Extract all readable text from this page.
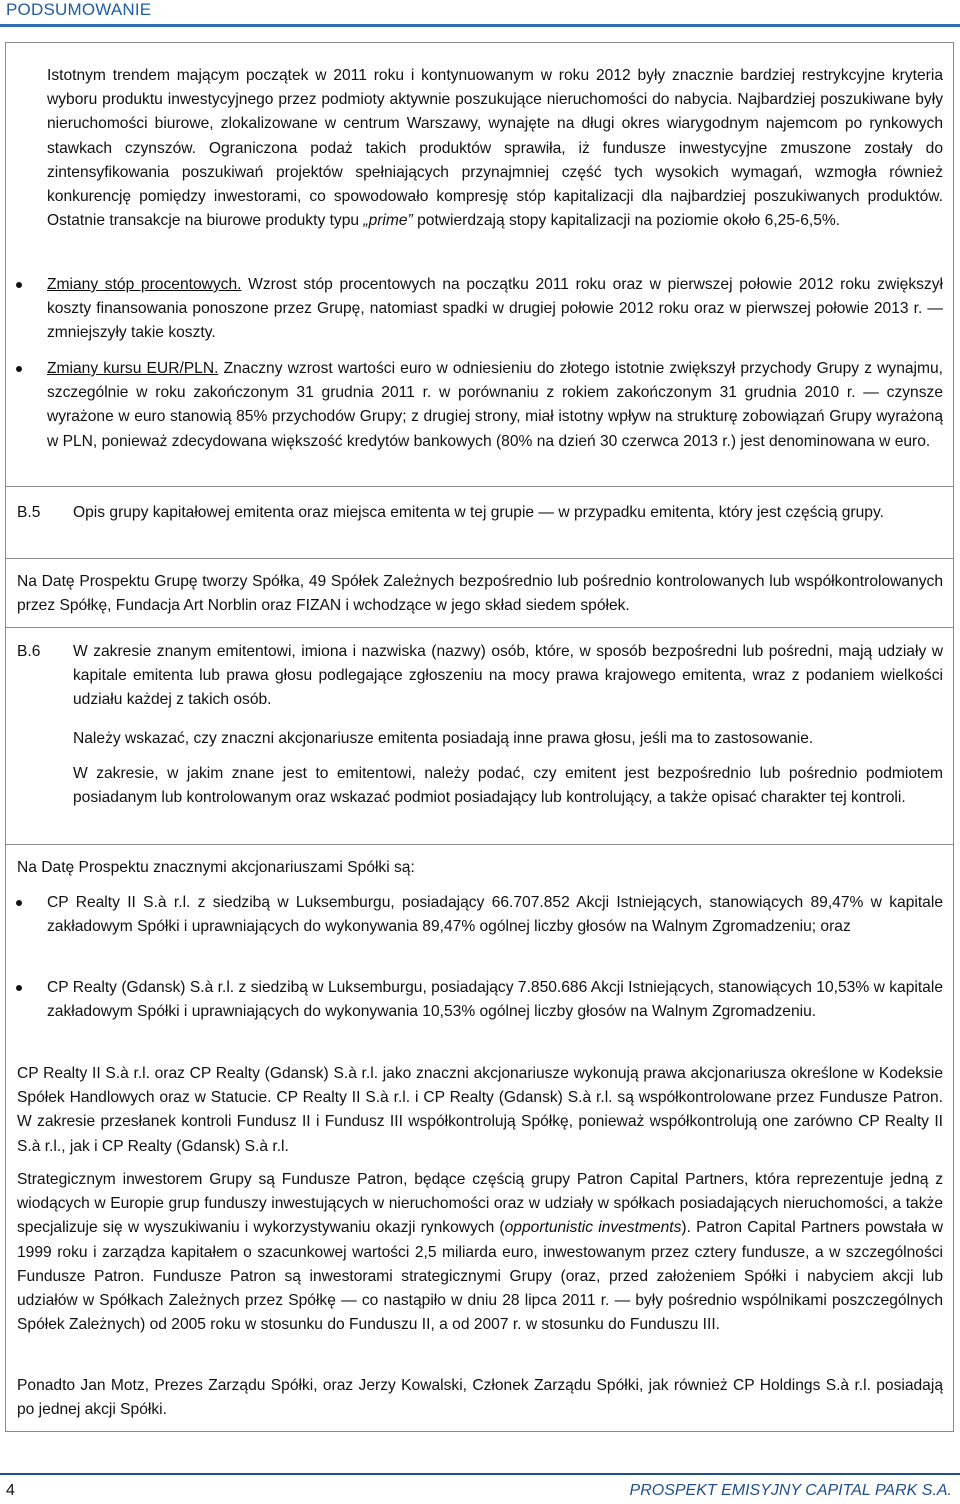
PODSUMOWANIE

Istotnym trendem mającym początek w 2011 roku i kontynuowanym w roku 2012 były znacznie bardziej restrykcyjne kryteria wyboru produktu inwestycyjnego przez podmioty aktywnie poszukujące nieruchomości do nabycia. Najbardziej poszukiwane były nieruchomości biurowe, zlokalizowane w centrum Warszawy, wynajęte na długi okres wiarygodnym najemcom po rynkowych stawkach czynszów. Ograniczona podaż takich produktów sprawiła, iż fundusze inwestycyjne zmuszone zostały do zintensyfikowania poszukiwań projektów spełniających przynajmniej część tych wysokich wymagań, wzmogła również konkurencję pomiędzy inwestorami, co spowodowało kompresję stóp kapitalizacji dla najbardziej poszukiwanych produktów. Ostatnie transakcje na biurowe produkty typu „prime” potwierdzają stopy kapitalizacji na poziomie około 6,25-6,5%.

Zmiany stóp procentowych. Wzrost stóp procentowych na początku 2011 roku oraz w pierwszej połowie 2012 roku zwiększył koszty finansowania ponoszone przez Grupę, natomiast spadki w drugiej połowie 2012 roku oraz w pierwszej połowie 2013 r. — zmniejszyły takie koszty.
Zmiany kursu EUR/PLN. Znaczny wzrost wartości euro w odniesieniu do złotego istotnie zwiększył przychody Grupy z wynajmu, szczególnie w roku zakończonym 31 grudnia 2011 r. w porównaniu z rokiem zakończonym 31 grudnia 2010 r. — czynsze wyrażone w euro stanowią 85% przychodów Grupy; z drugiej strony, miał istotny wpływ na strukturę zobowiązań Grupy wyrażoną w PLN, ponieważ zdecydowana większość kredytów bankowych (80% na dzień 30 czerwca 2013 r.) jest denominowana w euro.
B.5 Opis grupy kapitałowej emitenta oraz miejsca emitenta w tej grupie — w przypadku emitenta, który jest częścią grupy.

Na Datę Prospektu Grupę tworzy Spółka, 49 Spółek Zależnych bezpośrednio lub pośrednio kontrolowanych lub współkontrolowanych przez Spółkę, Fundacja Art Norblin oraz FIZAN i wchodzące w jego skład siedem spółek.

B.6 W zakresie znanym emitentowi, imiona i nazwiska (nazwy) osób, które, w sposób bezpośredni lub pośredni, mają udziały w kapitale emitenta lub prawa głosu podlegające zgłoszeniu na mocy prawa krajowego emitenta, wraz z podaniem wielkości udziału każdej z takich osób.

Należy wskazać, czy znaczni akcjonariusze emitenta posiadają inne prawa głosu, jeśli ma to zastosowanie.

W zakresie, w jakim znane jest to emitentowi, należy podać, czy emitent jest bezpośrednio lub pośrednio podmiotem posiadanym lub kontrolowanym oraz wskazać podmiot posiadający lub kontrolujący, a także opisać charakter tej kontroli.

Na Datę Prospektu znacznymi akcjonariuszami Spółki są:

CP Realty II S.à r.l. z siedzibą w Luksemburgu, posiadający 66.707.852 Akcji Istniejących, stanowiących 89,47% w kapitale zakładowym Spółki i uprawniających do wykonywania 89,47% ogólnej liczby głosów na Walnym Zgromadzeniu; oraz
CP Realty (Gdansk) S.à r.l. z siedzibą w Luksemburgu, posiadający 7.850.686 Akcji Istniejących, stanowiących 10,53% w kapitale zakładowym Spółki i uprawniających do wykonywania 10,53% ogólnej liczby głosów na Walnym Zgromadzeniu.

CP Realty II S.à r.l. oraz CP Realty (Gdansk) S.à r.l. jako znaczni akcjonariusze wykonują prawa akcjonariusza określone w Kodeksie Spółek Handlowych oraz w Statucie. CP Realty II S.à r.l. i CP Realty (Gdansk) S.à r.l. są współkontrolowane przez Fundusze Patron. W zakresie przesłanek kontroli Fundusz II i Fundusz III współkontrolują Spółkę, ponieważ współkontrolują one zarówno CP Realty II S.à r.l., jak i CP Realty (Gdansk) S.à r.l.

Strategicznym inwestorem Grupy są Fundusze Patron, będące częścią grupy Patron Capital Partners, która reprezentuje jedną z wiodących w Europie grup funduszy inwestujących w nieruchomości oraz w udziały w spółkach posiadających nieruchomości, a także specjalizuje się w wyszukiwaniu i wykorzystywaniu okazji rynkowych (opportunistic investments). Patron Capital Partners powstała w 1999 roku i zarządza kapitałem o szacunkowej wartości 2,5 miliarda euro, inwestowanym przez cztery fundusze, a w szczególności Fundusze Patron. Fundusze Patron są inwestorami strategicznymi Grupy (oraz, przed założeniem Spółki i nabyciem akcji lub udziałów w Spółkach Zależnych przez Spółkę — co nastąpiło w dniu 28 lipca 2011 r. — były pośrednio wspólnikami poszczególnych Spółek Zależnych) od 2005 roku w stosunku do Funduszu II, a od 2007 r. w stosunku do Funduszu III.

Ponadto Jan Motz, Prezes Zarządu Spółki, oraz Jerzy Kowalski, Członek Zarządu Spółki, jak również CP Holdings S.à r.l. posiadają po jednej akcji Spółki.

4	PROSPEKT EMISYJNY CAPITAL PARK S.A.
